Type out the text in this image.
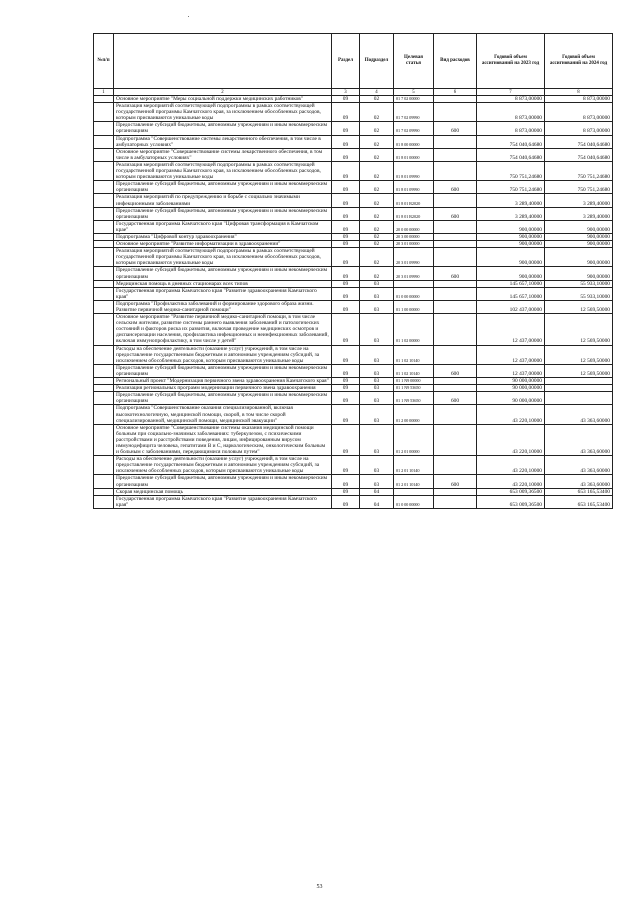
№п/п		Раздел	Подраздел	Целевая статья	Вид расходов	Годовой объем ассигнований на 2023 год	Годовой объем ассигнований на 2024 год
1	2	3	4	5	6	7	8
	Основное мероприятие "Меры социальной поддержки медицинских работников"	09	02	01 7 02 00000		8 873,00000	8 873,00000
	Реализация мероприятий соответствующей подпрограммы в рамках соответствующей государственной программы Камчатского края, за исключением обособленных расходов, которым присваиваются уникальные коды	09	02	01 7 02 09990		8 873,00000	8 873,00000
	Предоставление субсидий бюджетным, автономным учреждениям и иным некоммерческим организациям	09	02	01 7 02 09990	600	8 873,00000	8 873,00000
	Подпрограмма "Совершенствование системы лекарственного обеспечения, в том числе в амбулаторных условиях"	09	02	01 8 00 00000		754 040,64680	754 040,64680
	Основное мероприятие "Совершенствование системы лекарственного обеспечения, в том числе в амбулаторных условиях"	09	02	01 8 01 00000		754 040,64680	754 040,64680
	Реализация мероприятий соответствующей подпрограммы в рамках соответствующей государственной программы Камчатского края, за исключением обособленных расходов, которым присваиваются уникальные коды	09	02	01 8 01 09990		750 751,24680	750 751,24680
	Предоставление субсидий бюджетным, автономным учреждениям и иным некоммерческим организациям	09	02	01 8 01 09990	600	750 751,24680	750 751,24680
	Реализация мероприятий по предупреждению и борьбе с социально значимыми инфекционными заболеваниями	09	02	01 8 01 R2020		3 289,40000	3 289,40000
	Предоставление субсидий бюджетным, автономным учреждениям и иным некоммерческим организациям	09	02	01 8 01 R2020	600	3 289,40000	3 289,40000
	Государственная программа Камчатского края "Цифровая трансформация в Камчатском крае"	09	02	20 0 00 00000		900,00000	900,00000
	Подпрограмма "Цифровой контур здравоохранения"	09	02	20 3 00 00000		900,00000	900,00000
	Основное мероприятие "Развитие информатизации в здравоохранении"	09	02	20 3 01 00000		900,00000	900,00000
	Реализация мероприятий соответствующей подпрограммы в рамках соответствующей государственной программы Камчатского края, за исключением обособленных расходов, которым присваиваются уникальные коды	09	02	20 3 01 09990		900,00000	900,00000
	Предоставление субсидий бюджетным, автономным учреждениям и иным некоммерческим организациям	09	02	20 3 01 09990	600	900,00000	900,00000
	Медицинская помощь в дневных стационарах всех типов	09	03			145 657,10000	55 933,10000
	Государственная программа Камчатского края "Развитие здравоохранения Камчатского края"	09	03	01 0 00 00000		145 657,10000	55 933,10000
	Подпрограмма "Профилактика заболеваний и формирование здорового образа жизни. Развитие первичной медико-санитарной помощи"	09	03	01 1 00 00000		102 437,00000	12 569,50000
	Основное мероприятие "Развитие первичной медико-санитарной помощи, в том числе сельским жителям, развитие системы раннего выявления заболеваний и патологических состояний и факторов риска их развития, включая проведение медицинских осмотров и диспансеризации населения, профилактика инфекционных и неинфекционных заболеваний, включая иммунопрофилактику, в том числе у детей"	09	03	01 1 02 00000		12 437,00000	12 569,50000
	Расходы на обеспечение деятельности (оказание услуг) учреждений, в том числе на предоставление государственным бюджетным и автономным учреждениям субсидий, за исключением обособленных расходов, которым присваиваются уникальные коды	09	03	01 1 02 10140		12 437,00000	12 569,50000
	Предоставление субсидий бюджетным, автономным учреждениям и иным некоммерческим организациям	09	03	01 1 02 10140	600	12 437,00000	12 569,50000
	Региональный проект "Модернизация первичного звена здравоохранения Камчатского края"	09	03	01 1 N9 00000		90 000,00000	
	Реализация региональных программ модернизации первичного звена здравоохранения	09	03	01 1 N9 53650		90 000,00000	
	Предоставление субсидий бюджетным, автономным учреждениям и иным некоммерческим организациям	09	03	01 1 N9 53650	600	90 000,00000	
	Подпрограмма "Совершенствование оказания специализированной, включая высокотехнологичную, медицинской помощи, скорой, в том числе скорой специализированной, медицинской помощи, медицинской эвакуации"	09	03	01 2 00 00000		43 220,10000	43 363,60000
	Основное мероприятие "Совершенствование системы оказания медицинской помощи больным при социально-значимых заболеваниях: туберкулезом, с психическими расстройствами и расстройствами поведения, лицам, инфицированным вирусом иммунодефицита человека, гепатитами В и С, наркологическим, онкологическим больным и больным с заболеваниями, передающимися половым путем"	09	03	01 2 01 00000		43 220,10000	43 363,60000
	Расходы на обеспечение деятельности (оказание услуг) учреждений, в том числе на предоставление государственным бюджетным и автономным учреждениям субсидий, за исключением обособленных расходов, которым присваиваются уникальные коды	09	03	01 2 01 10140		43 220,10000	43 363,60000
	Предоставление субсидий бюджетным, автономным учреждениям и иным некоммерческим организациям	09	03	01 2 01 10140	600	43 220,10000	43 363,60000
	Скорая медицинская помощь	09	04			653 009,36500	653 165,53400
	Государственная программа Камчатского края "Развитие здравоохранения Камчатского края"	09	04	01 0 00 00000		653 009,36500	653 165,53400
53
